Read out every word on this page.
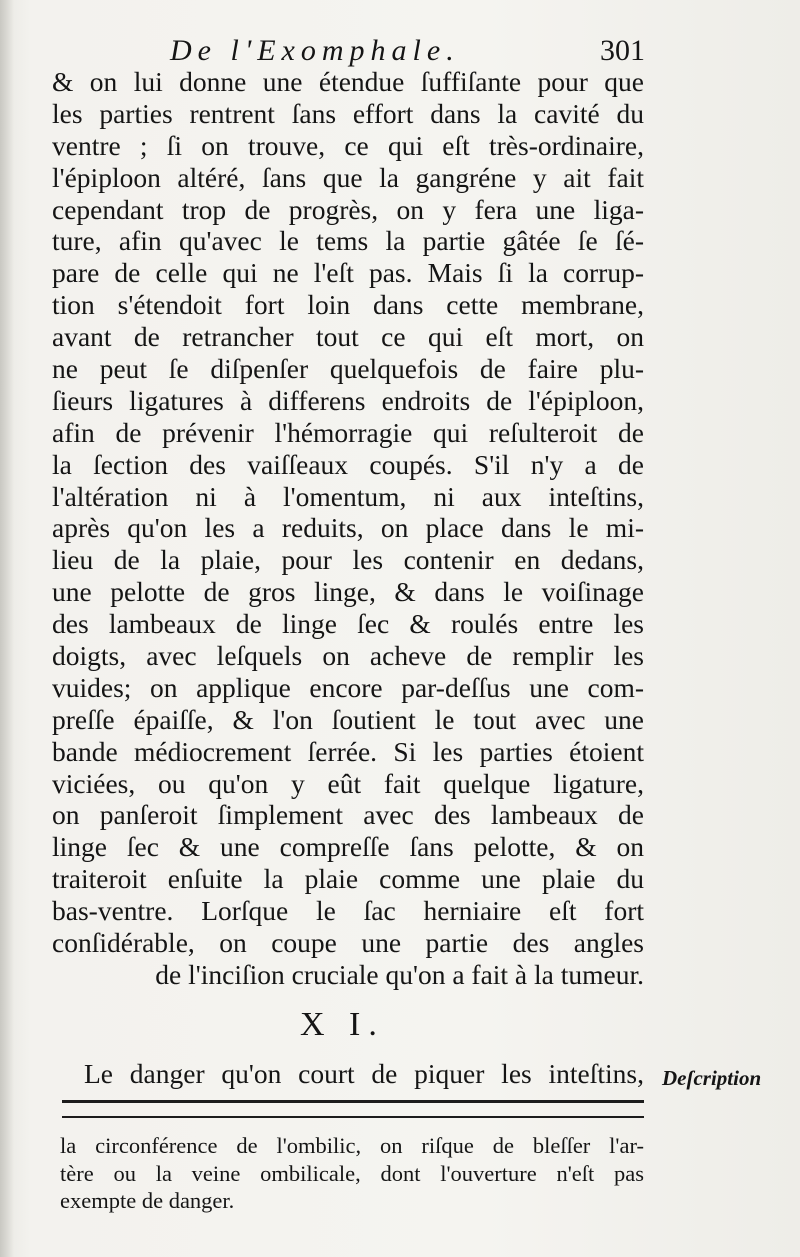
De l'Exomphale.	301
& on lui donne une étendue ſuffiſante pour que
les parties rentrent ſans effort dans la cavité du
ventre ; ſi on trouve, ce qui eſt très-ordinaire,
l'épiploon altéré, ſans que la gangréne y ait fait
cependant trop de progrès, on y fera une liga-
ture, afin qu'avec le tems la partie gâtée ſe ſé-
pare de celle qui ne l'eſt pas. Mais ſi la corrup-
tion s'étendoit fort loin dans cette membrane,
avant de retrancher tout ce qui eſt mort, on
ne peut ſe diſpenſer quelquefois de faire plu-
ſieurs ligatures à differens endroits de l'épiploon,
afin de prévenir l'hémorragie qui reſulteroit de
la ſection des vaiſſeaux coupés. S'il n'y a de
l'altération ni à l'omentum, ni aux inteſtins,
après qu'on les a reduits, on place dans le mi-
lieu de la plaie, pour les contenir en dedans,
une pelotte de gros linge, & dans le voiſinage
des lambeaux de linge ſec & roulés entre les
doigts, avec leſquels on acheve de remplir les
vuides; on applique encore par-deſſus une com-
preſſe épaiſſe, & l'on ſoutient le tout avec une
bande médiocrement ſerrée. Si les parties étoient
viciées, ou qu'on y eût fait quelque ligature,
on panſeroit ſimplement avec des lambeaux de
linge ſec & une compreſſe ſans pelotte, & on
traiteroit enſuite la plaie comme une plaie du
bas-ventre. Lorſque le ſac herniaire eſt fort
conſidérable, on coupe une partie des angles
de l'inciſion cruciale qu'on a fait à la tumeur.
X I.
Le danger qu'on court de piquer les inteſtins, Deſcription
la circonférence de l'ombilic, on riſque de bleſſer l'ar-
tère ou la veine ombilicale, dont l'ouverture n'eſt pas
exempte de danger.
